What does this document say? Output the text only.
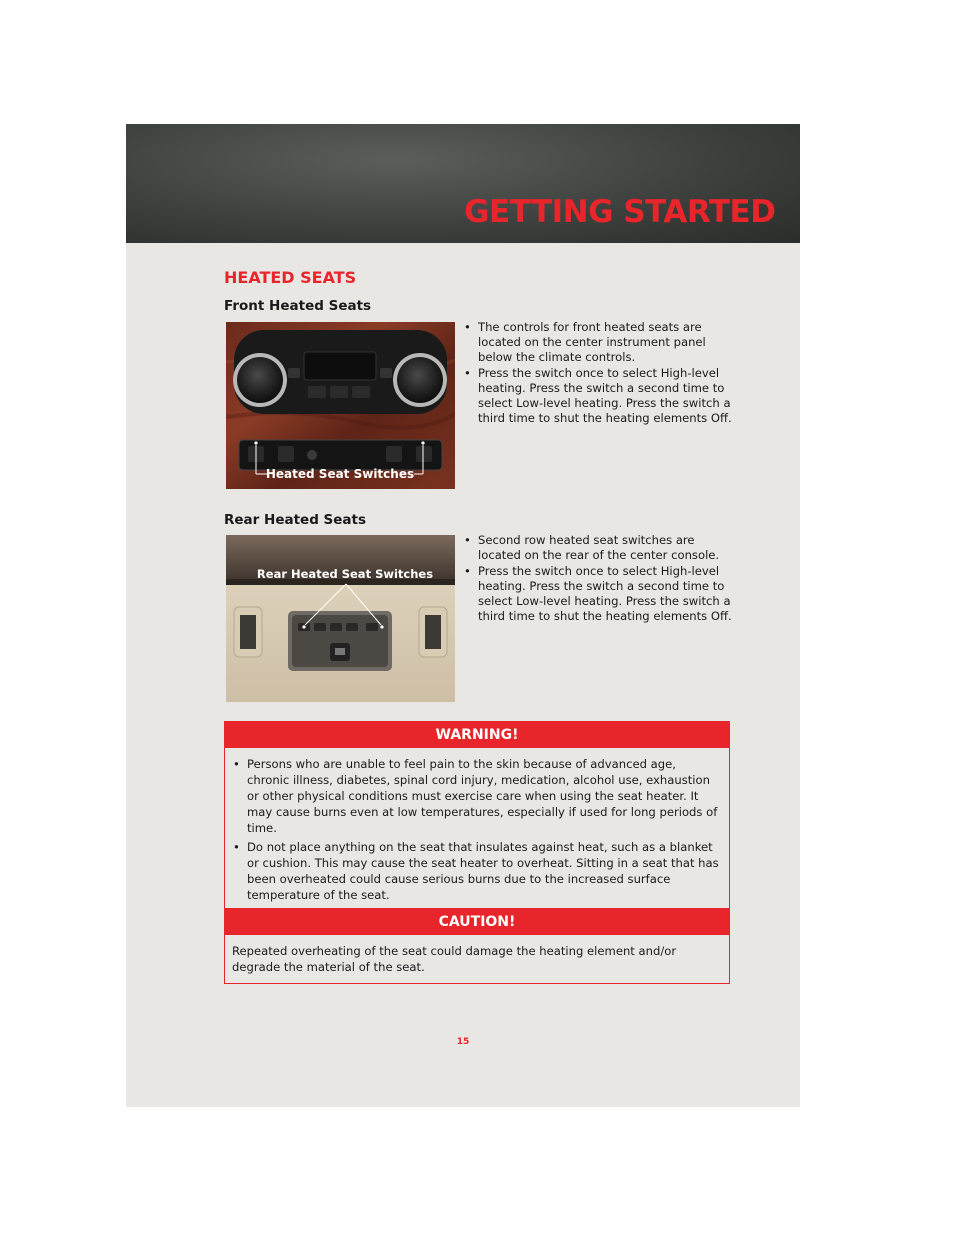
GETTING STARTED
HEATED SEATS
Front Heated Seats
Heated Seat Switches
• The controls for front heated seats are located on the center instrument panel below the climate controls.
• Press the switch once to select High-level heating. Press the switch a second time to select Low-level heating. Press the switch a third time to shut the heating elements Off.
Rear Heated Seats
Rear Heated Seat Switches
• Second row heated seat switches are located on the rear of the center console.
• Press the switch once to select High-level heating. Press the switch a second time to select Low-level heating. Press the switch a third time to shut the heating elements Off.
WARNING!
• Persons who are unable to feel pain to the skin because of advanced age, chronic illness, diabetes, spinal cord injury, medication, alcohol use, exhaustion or other physical conditions must exercise care when using the seat heater. It may cause burns even at low temperatures, especially if used for long periods of time.
• Do not place anything on the seat that insulates against heat, such as a blanket or cushion. This may cause the seat heater to overheat. Sitting in a seat that has been overheated could cause serious burns due to the increased surface temperature of the seat.
CAUTION!

Repeated overheating of the seat could damage the heating element and/or degrade the material of the seat.

15
